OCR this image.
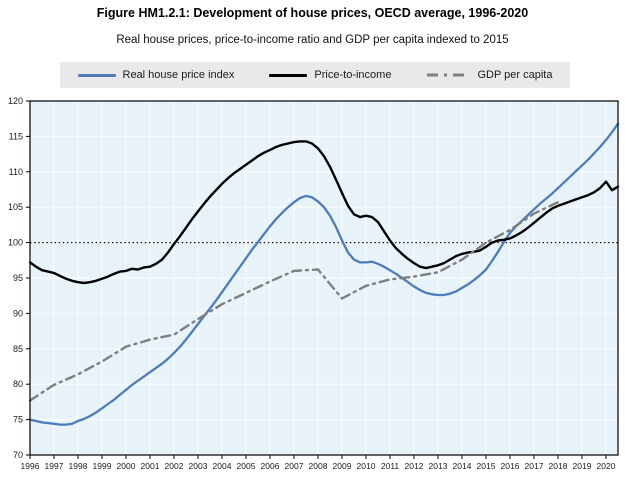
Figure HM1.2.1: Development of house prices, OECD average, 1996-2020
Real house prices, price-to-income ratio and GDP per capita indexed to 2015
Real house price index	Price-to-income	GDP per capita
70
75
80
85
90
95
100
105
110
115
120
1996 1997 1998 1999 2000 2001 2002 2003 2004 2005 2006 2007 2008 2009 2010 2011 2012 2013 2014 2015 2016 2017 2018 2019 2020
